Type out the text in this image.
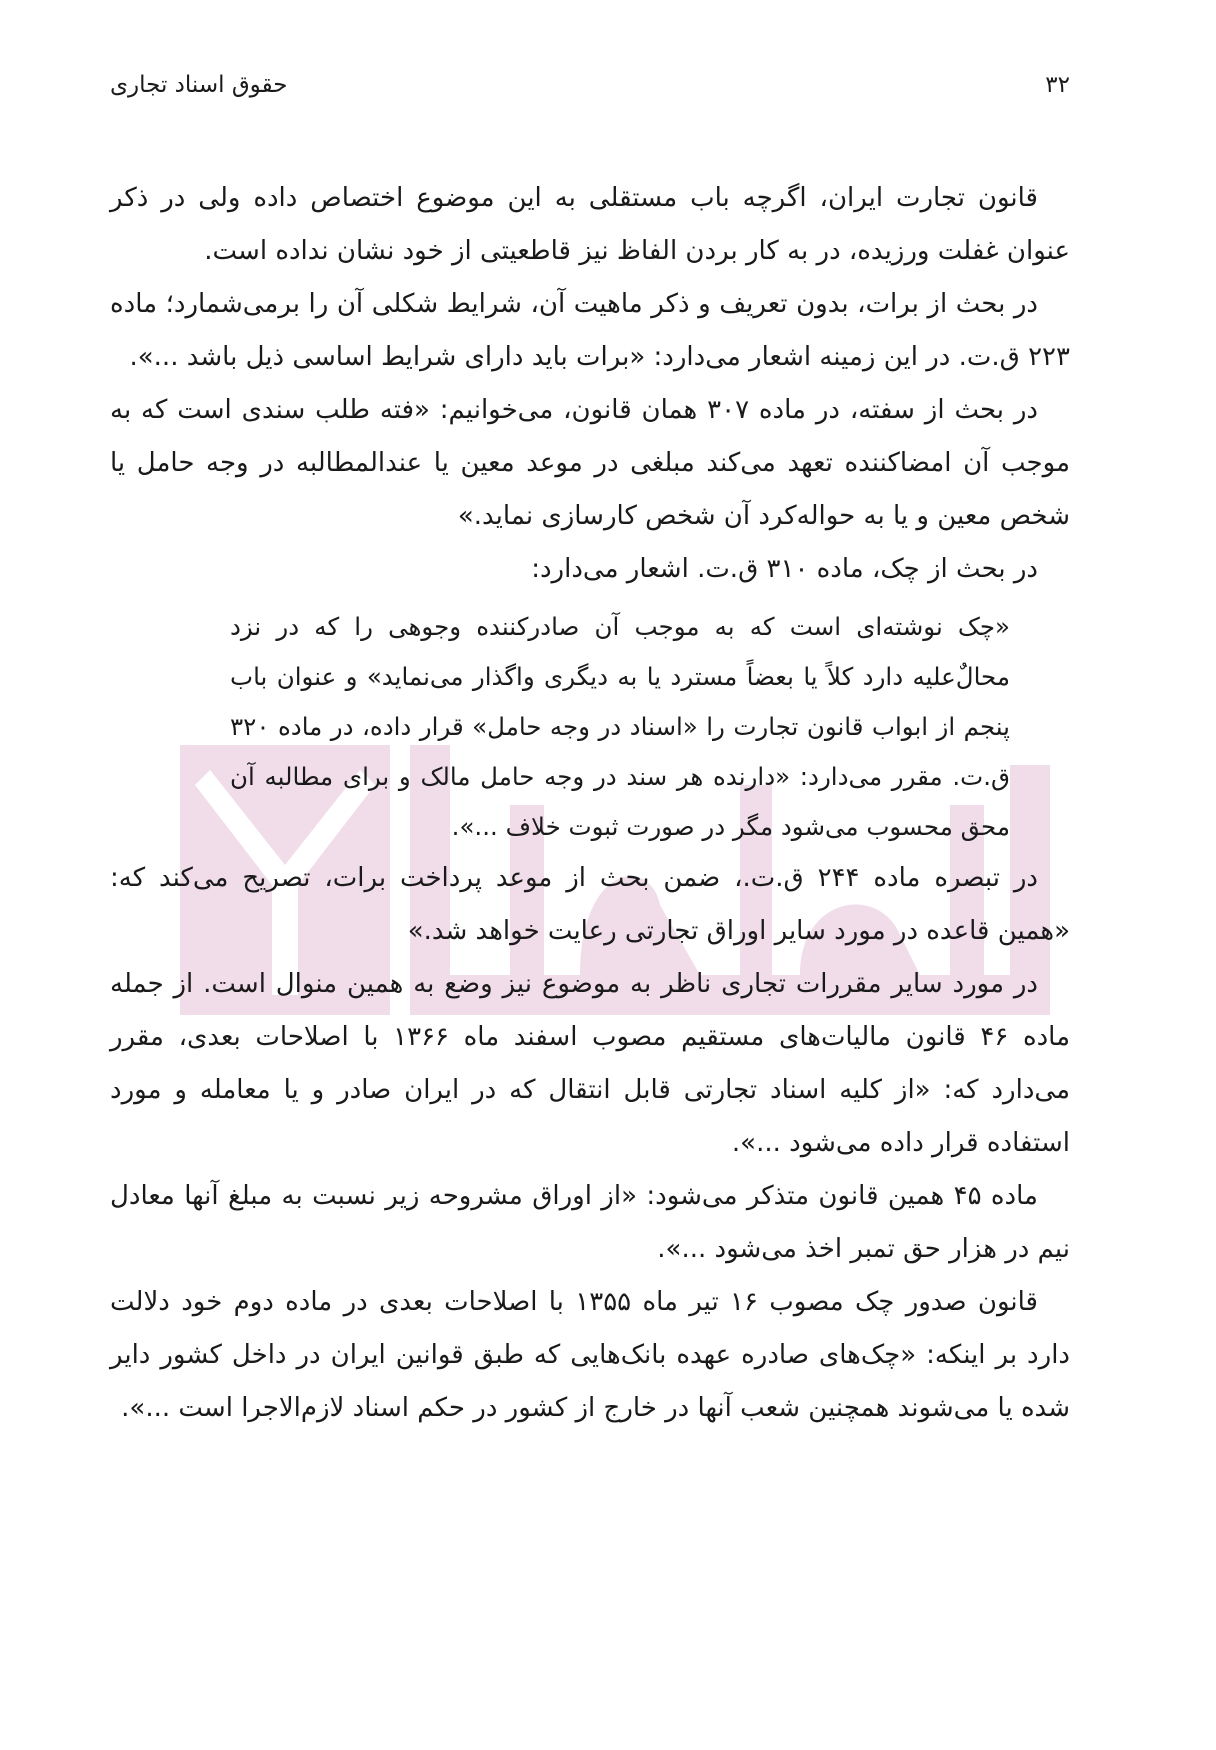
۳۲
حقوق اسناد تجاری

قانون تجارت ایران، اگرچه باب مستقلی به این موضوع اختصاص داده ولی در ذکر عنوان غفلت ورزیده، در به کار بردن الفاظ نیز قاطعیتی از خود نشان نداده است.

در بحث از برات، بدون تعریف و ذکر ماهیت آن، شرایط شکلی آن را برمی‌شمارد؛ ماده ۲۲۳ ق.ت. در این زمینه اشعار می‌دارد: «برات باید دارای شرایط اساسی ذیل باشد ...».

در بحث از سفته، در ماده ۳۰۷ همان قانون، می‌خوانیم: «فته طلب سندی است که به موجب آن امضاکننده تعهد می‌کند مبلغی در موعد معین یا عندالمطالبه در وجه حامل یا شخص معین و یا به حواله‌کرد آن شخص کارسازی نماید.»

در بحث از چک، ماده ۳۱۰ ق.ت. اشعار می‌دارد:

«چک نوشته‌ای است که به موجب آن صادرکننده وجوهی را که در نزد محالٌ‌علیه دارد کلاً یا بعضاً مسترد یا به دیگری واگذار می‌نماید» و عنوان باب پنجم از ابواب قانون تجارت را «اسناد در وجه حامل» قرار داده، در ماده ۳۲۰ ق.ت. مقرر می‌دارد: «دارنده هر سند در وجه حامل مالک و برای مطالبه آن محق محسوب می‌شود مگر در صورت ثبوت خلاف ...».

در تبصره ماده ۲۴۴ ق.ت.، ضمن بحث از موعد پرداخت برات، تصریح می‌کند که: «همین قاعده در مورد سایر اوراق تجارتی رعایت خواهد شد.»

در مورد سایر مقررات تجاری ناظر به موضوع نیز وضع به همین منوال است. از جمله ماده ۴۶ قانون مالیات‌های مستقیم مصوب اسفند ماه ۱۳۶۶ با اصلاحات بعدی، مقرر می‌دارد که: «از کلیه اسناد تجارتی قابل انتقال که در ایران صادر و یا معامله و مورد استفاده قرار داده می‌شود ...».

ماده ۴۵ همین قانون متذکر می‌شود: «از اوراق مشروحه زیر نسبت به مبلغ آنها معادل نیم در هزار حق تمبر اخذ می‌شود ...».

قانون صدور چک مصوب ۱۶ تیر ماه ۱۳۵۵ با اصلاحات بعدی در ماده دوم خود دلالت دارد بر اینکه: «چک‌های صادره عهده بانک‌هایی که طبق قوانین ایران در داخل کشور دایر شده یا می‌شوند همچنین شعب آنها در خارج از کشور در حکم اسناد لازم‌الاجرا است ...».
